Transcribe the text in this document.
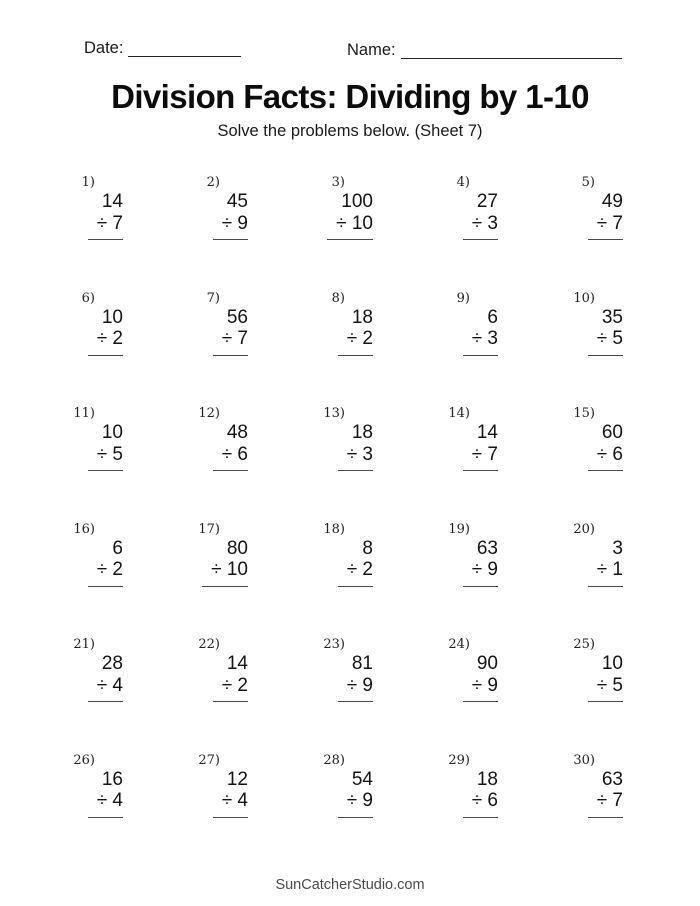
Date:	Name:
Division Facts: Dividing by 1-10
Solve the problems below. (Sheet 7)
1)
14
÷ 7
2)
45
÷ 9
3)
100
÷ 10
4)
27
÷ 3
5)
49
÷ 7
6)
10
÷ 2
7)
56
÷ 7
8)
18
÷ 2
9)
6
÷ 3
10)
35
÷ 5
11)
10
÷ 5
12)
48
÷ 6
13)
18
÷ 3
14)
14
÷ 7
15)
60
÷ 6
16)
6
÷ 2
17)
80
÷ 10
18)
8
÷ 2
19)
63
÷ 9
20)
3
÷ 1
21)
28
÷ 4
22)
14
÷ 2
23)
81
÷ 9
24)
90
÷ 9
25)
10
÷ 5
26)
16
÷ 4
27)
12
÷ 4
28)
54
÷ 9
29)
18
÷ 6
30)
63
÷ 7
SunCatcherStudio.com
